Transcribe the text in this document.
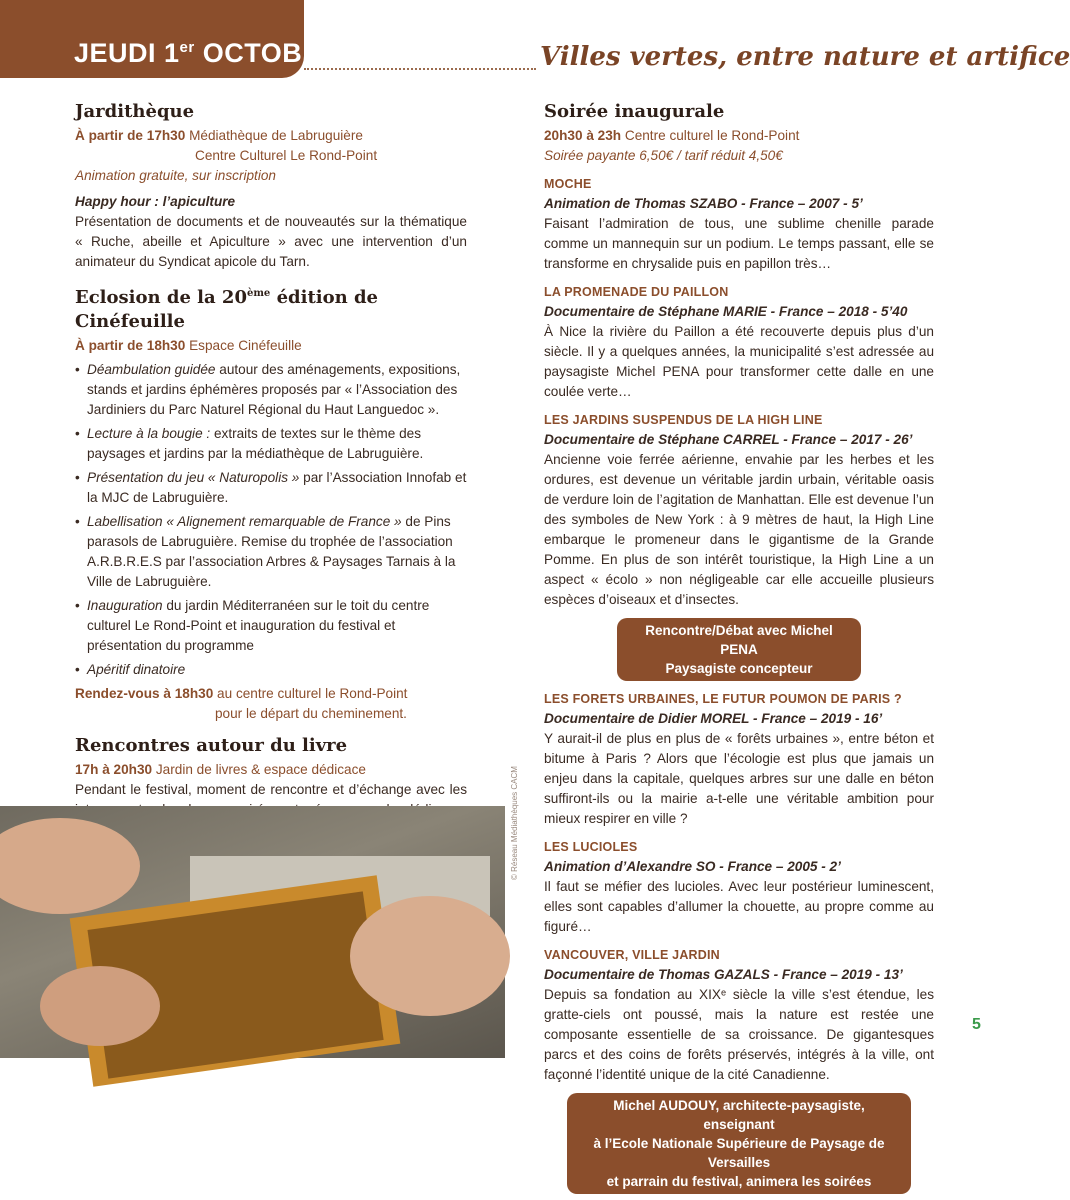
JEUDI 1er OCTOBRE	Villes vertes, entre nature et artifice
Jardithèque
À partir de 17h30 Médiathèque de Labruguière
Centre Culturel Le Rond-Point
Animation gratuite, sur inscription
Happy hour : l’apiculture

Présentation de documents et de nouveautés sur la thématique « Ruche, abeille et Apiculture » avec une intervention d’un animateur du Syndicat apicole du Tarn.

Eclosion de la 20ème édition de Cinéfeuille
À partir de 18h30 Espace Cinéfeuille
• Déambulation guidée autour des aménagements, expositions, stands et jardins éphémères proposés par « l’Association des Jardiniers du Parc Naturel Régional du Haut Languedoc ».
• Lecture à la bougie : extraits de textes sur le thème des paysages et jardins par la médiathèque de Labruguière.
• Présentation du jeu « Naturopolis » par l’Association Innofab et la MJC de Labruguière.
• Labellisation « Alignement remarquable de France » de Pins parasols de Labruguière. Remise du trophée de l’association A.R.B.R.E.S par l’association Arbres & Paysages Tarnais à la Ville de Labruguière.
• Inauguration du jardin Méditerranéen sur le toit du centre culturel Le Rond-Point et inauguration du festival et présentation du programme
• Apéritif dinatoire
Rendez-vous à 18h30 au centre culturel le Rond-Point
pour le départ du cheminement.
Rencontres autour du livre
17h à 20h30 Jardin de livres & espace dédicace

Pendant le festival, moment de rencontre et d’échange avec les	© Réseau Médiathèques CACM
Soirée inaugurale
20h30 à 23h Centre culturel le Rond-Point
Soirée payante 6,50€ / tarif réduit 4,50€
MOCHE
Animation de Thomas SZABO - France – 2007 - 5’

Faisant l’admiration de tous, une sublime chenille parade comme un mannequin sur un podium. Le temps passant, elle se transforme en chrysalide puis en papillon très…

LA PROMENADE DU PAILLON
Documentaire de Stéphane MARIE - France – 2018 - 5’40

À Nice la rivière du Paillon a été recouverte depuis plus d’un siècle. Il y a quelques années, la municipalité s’est adressée au paysagiste Michel PENA pour transformer cette dalle en une coulée verte…

LES JARDINS SUSPENDUS DE LA HIGH LINE
Documentaire de Stéphane CARREL - France – 2017 - 26’

Ancienne voie ferrée aérienne, envahie par les herbes et les ordures, est devenue un véritable jardin urbain, véritable oasis de verdure loin de l’agitation de Manhattan. Elle est devenue l’un des symboles de New York : à 9 mètres de haut, la High Line embarque le promeneur dans le gigantisme de la Grande Pomme. En plus de son intérêt touristique, la High Line a un aspect « écolo » non négligeable car elle accueille plusieurs espèces d’oiseaux et d’insectes.

Rencontre/Débat avec Michel PENA
Paysagiste concepteur
LES FORETS URBAINES, LE FUTUR POUMON DE PARIS ?
Documentaire de Didier MOREL - France – 2019 - 16’

Y aurait-il de plus en plus de « forêts urbaines », entre béton et bitume à Paris ? Alors que l’écologie est plus que jamais un enjeu dans la capitale, quelques arbres sur une dalle en béton suffiront-ils ou la mairie a-t-elle une véritable ambition pour mieux respirer en ville ?

LES LUCIOLES
Animation d’Alexandre SO - France – 2005 - 2’

Il faut se méfier des lucioles. Avec leur postérieur luminescent, elles sont capables d’allumer la chouette, au propre comme au figuré…

VANCOUVER, VILLE JARDIN
Documentaire de Thomas GAZALS - France – 2019 - 13’

Depuis sa fondation au XIXᵉ siècle la ville s’est étendue, les gratte-ciels ont poussé, mais la nature est restée une composante essentielle de sa croissance. De gigantesques parcs et des coins de forêts préservés, intégrés à la ville, ont façonné l’identité unique de la cité Canadienne.

Michel AUDOUY, architecte-paysagiste, enseignant
à l’Ecole Nationale Supérieure de Paysage de Versailles
et parrain du festival, animera les soirées
5
